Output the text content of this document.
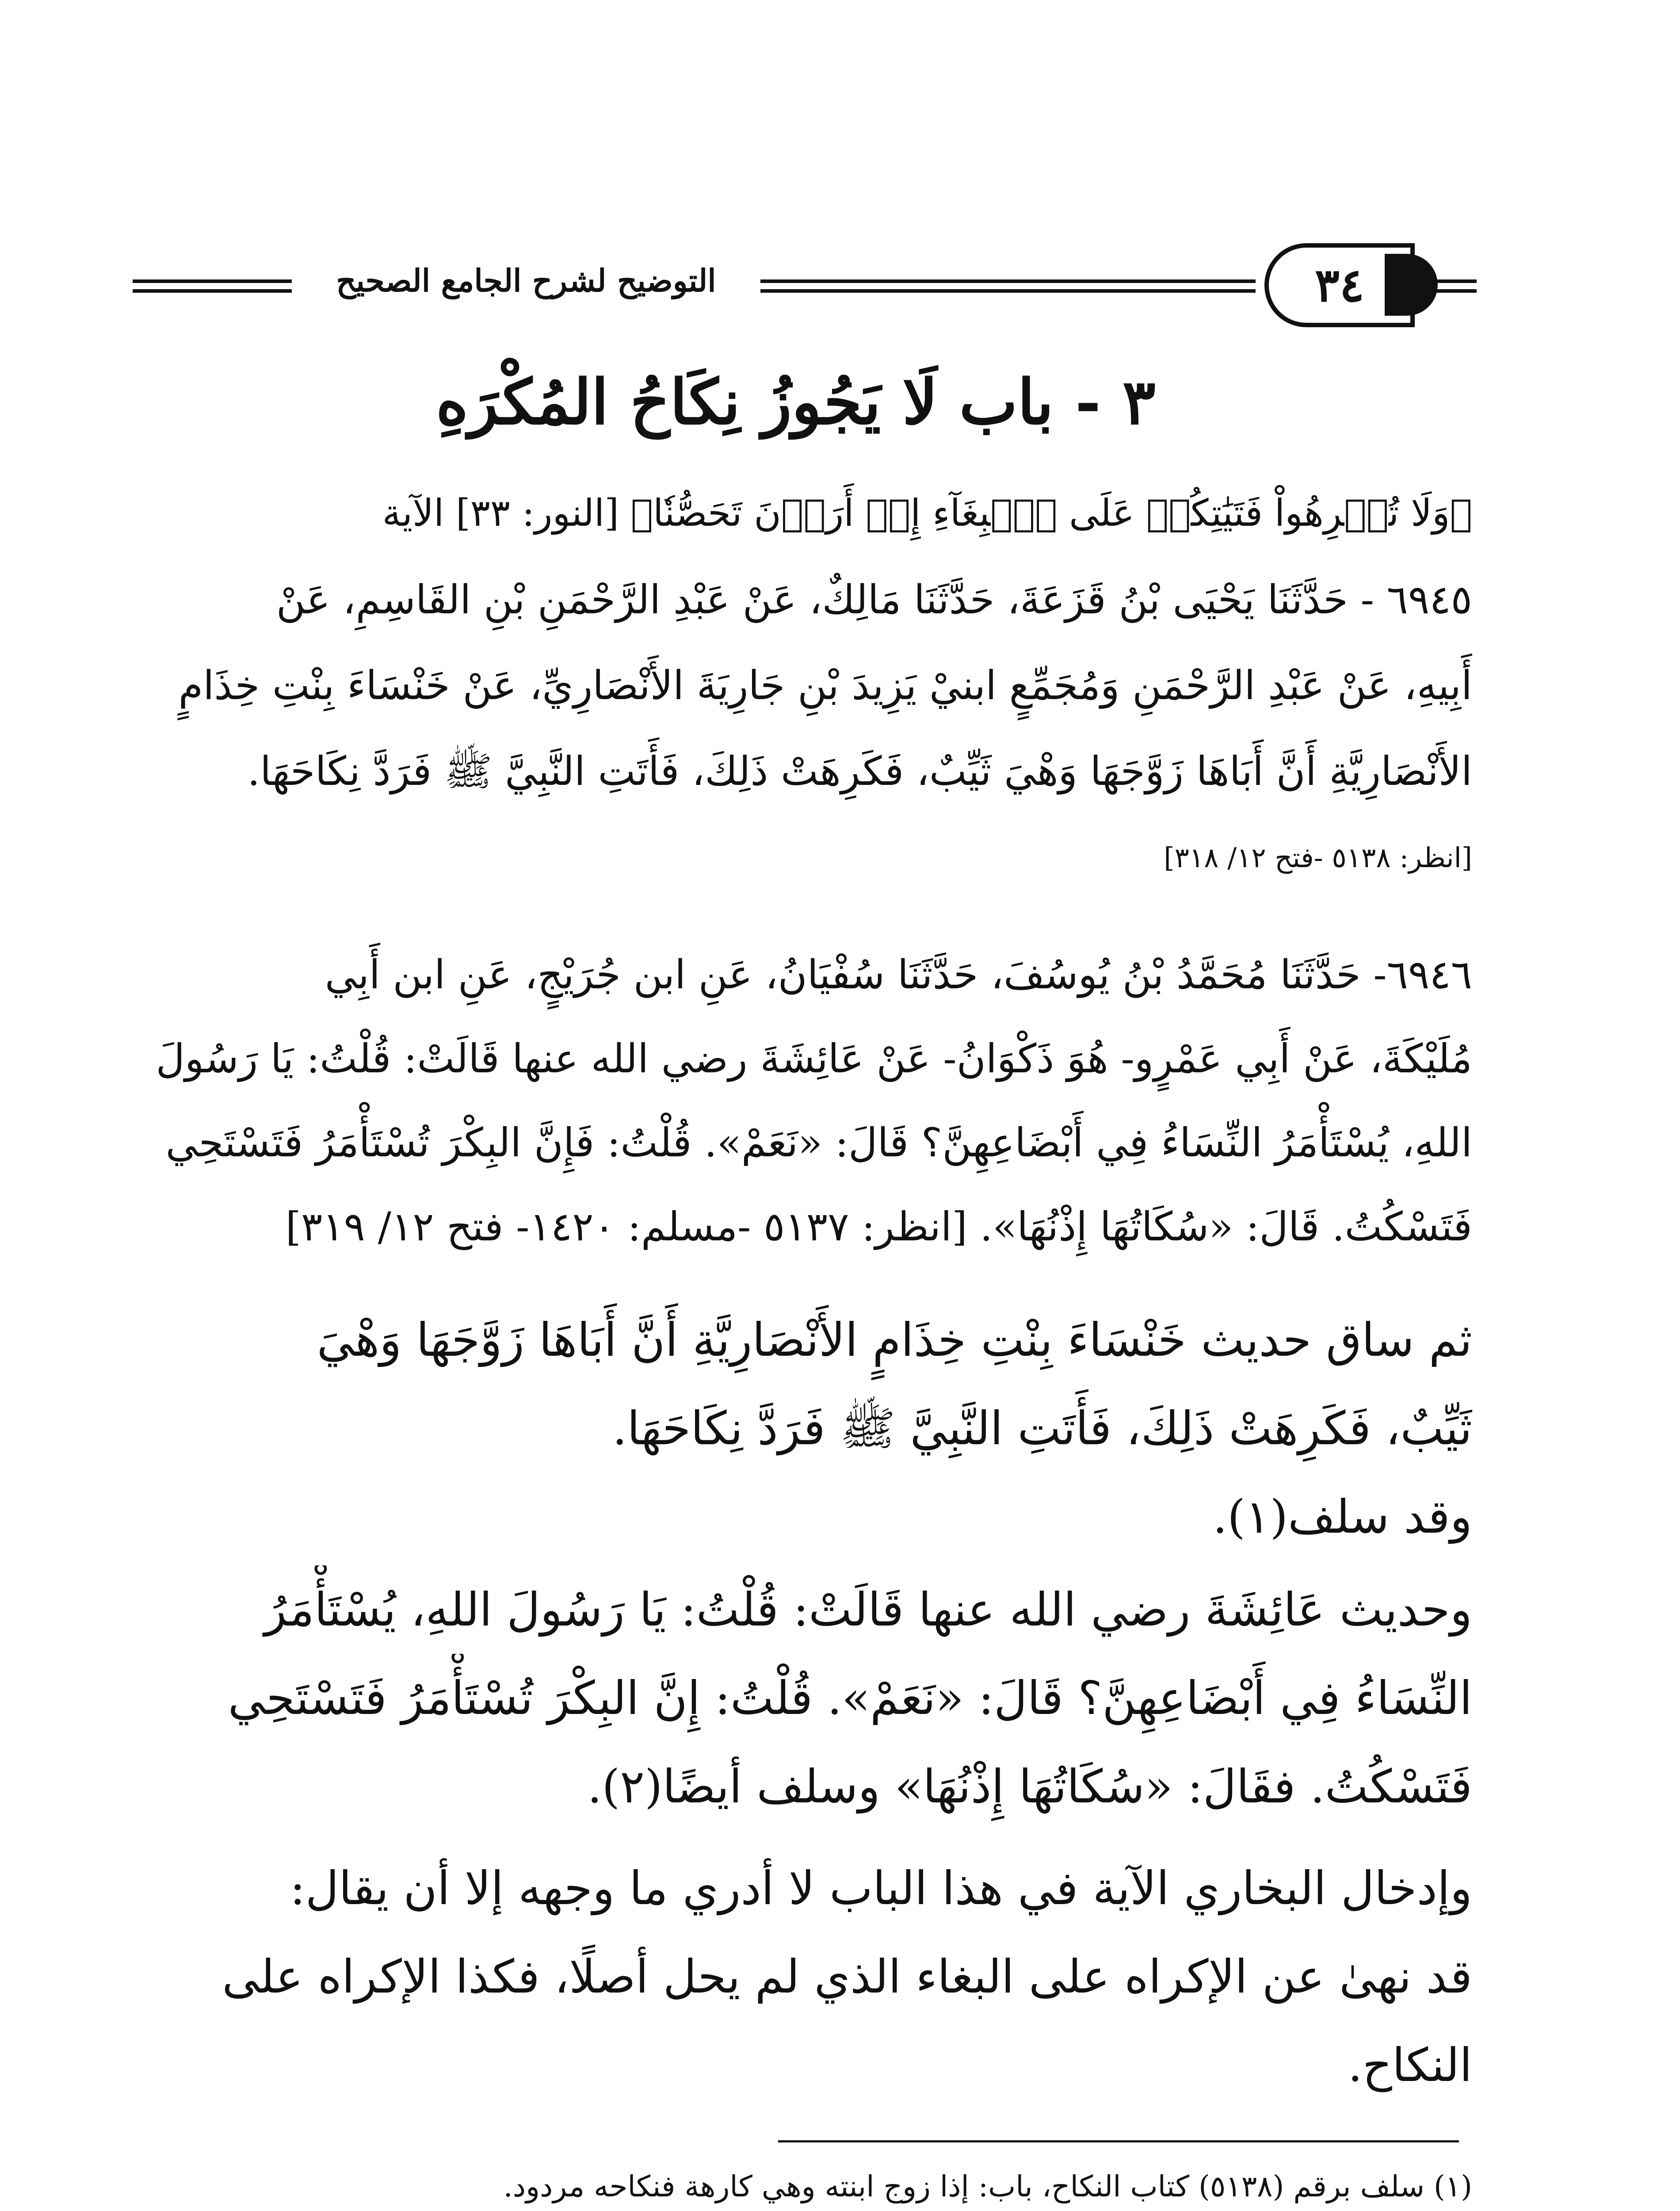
التوضيح لشرح الجامع الصحيح	٣٤
٣ - باب لَا يَجُوزُ نِكَاحُ المُكْرَهِ
﴿وَلَا تُكۡرِهُواْ فَتَيَٰتِكُمۡ عَلَى ٱلۡبِغَآءِ إِنۡ أَرَدۡنَ تَحَصُّنٗا﴾ [النور: ٣٣] الآية
٦٩٤٥ - حَدَّثَنَا يَحْيَى بْنُ قَزَعَةَ، حَدَّثَنَا مَالِكٌ، عَنْ عَبْدِ الرَّحْمَنِ بْنِ القَاسِمِ، عَنْ
أَبِيهِ، عَنْ عَبْدِ الرَّحْمَنِ وَمُجَمِّعٍ ابنيْ يَزِيدَ بْنِ جَارِيَةَ الأَنْصَارِيِّ، عَنْ خَنْسَاءَ بِنْتِ خِذَامٍ
الأَنْصَارِيَّةِ أَنَّ أَبَاهَا زَوَّجَهَا وَهْيَ ثَيِّبٌ، فَكَرِهَتْ ذَلِكَ، فَأَتَتِ النَّبِيَّ ﷺ فَرَدَّ نِكَاحَهَا.
[انظر: ٥١٣٨ -فتح ١٢/ ٣١٨]
٦٩٤٦- حَدَّثَنَا مُحَمَّدُ بْنُ يُوسُفَ، حَدَّثَنَا سُفْيَانُ، عَنِ ابن جُرَيْجٍ، عَنِ ابن أَبِي
مُلَيْكَةَ، عَنْ أَبِي عَمْرٍو- هُوَ ذَكْوَانُ- عَنْ عَائِشَةَ رضي الله عنها قَالَتْ: قُلْتُ: يَا رَسُولَ
اللهِ، يُسْتَأْمَرُ النِّسَاءُ فِي أَبْضَاعِهِنَّ؟ قَالَ: «نَعَمْ». قُلْتُ: فَإِنَّ البِكْرَ تُسْتَأْمَرُ فَتَسْتَحِي
فَتَسْكُتُ. قَالَ: «سُكَاتُهَا إِذْنُهَا». [انظر: ٥١٣٧ -مسلم: ١٤٢٠- فتح ١٢/ ٣١٩]
ثم ساق حديث خَنْسَاءَ بِنْتِ خِذَامٍ الأَنْصَارِيَّةِ أَنَّ أَبَاهَا زَوَّجَهَا وَهْيَ
ثَيِّبٌ، فَكَرِهَتْ ذَلِكَ، فَأَتَتِ النَّبِيَّ ﷺ فَرَدَّ نِكَاحَهَا.
وقد سلف(١).
وحديث عَائِشَةَ رضي الله عنها قَالَتْ: قُلْتُ: يَا رَسُولَ اللهِ، يُسْتَأْمَرُ
النِّسَاءُ فِي أَبْضَاعِهِنَّ؟ قَالَ: «نَعَمْ». قُلْتُ: إِنَّ البِكْرَ تُسْتَأْمَرُ فَتَسْتَحِي
فَتَسْكُتُ. فقَالَ: «سُكَاتُهَا إِذْنُهَا» وسلف أيضًا(٢).
وإدخال البخاري الآية في هذا الباب لا أدري ما وجهه إلا أن يقال:
قد نهىٰ عن الإكراه على البغاء الذي لم يحل أصلًا، فكذا الإكراه على
النكاح.
(١) سلف برقم (٥١٣٨) كتاب النكاح، باب: إذا زوج ابنته وهي كارهة فنكاحه مردود.
